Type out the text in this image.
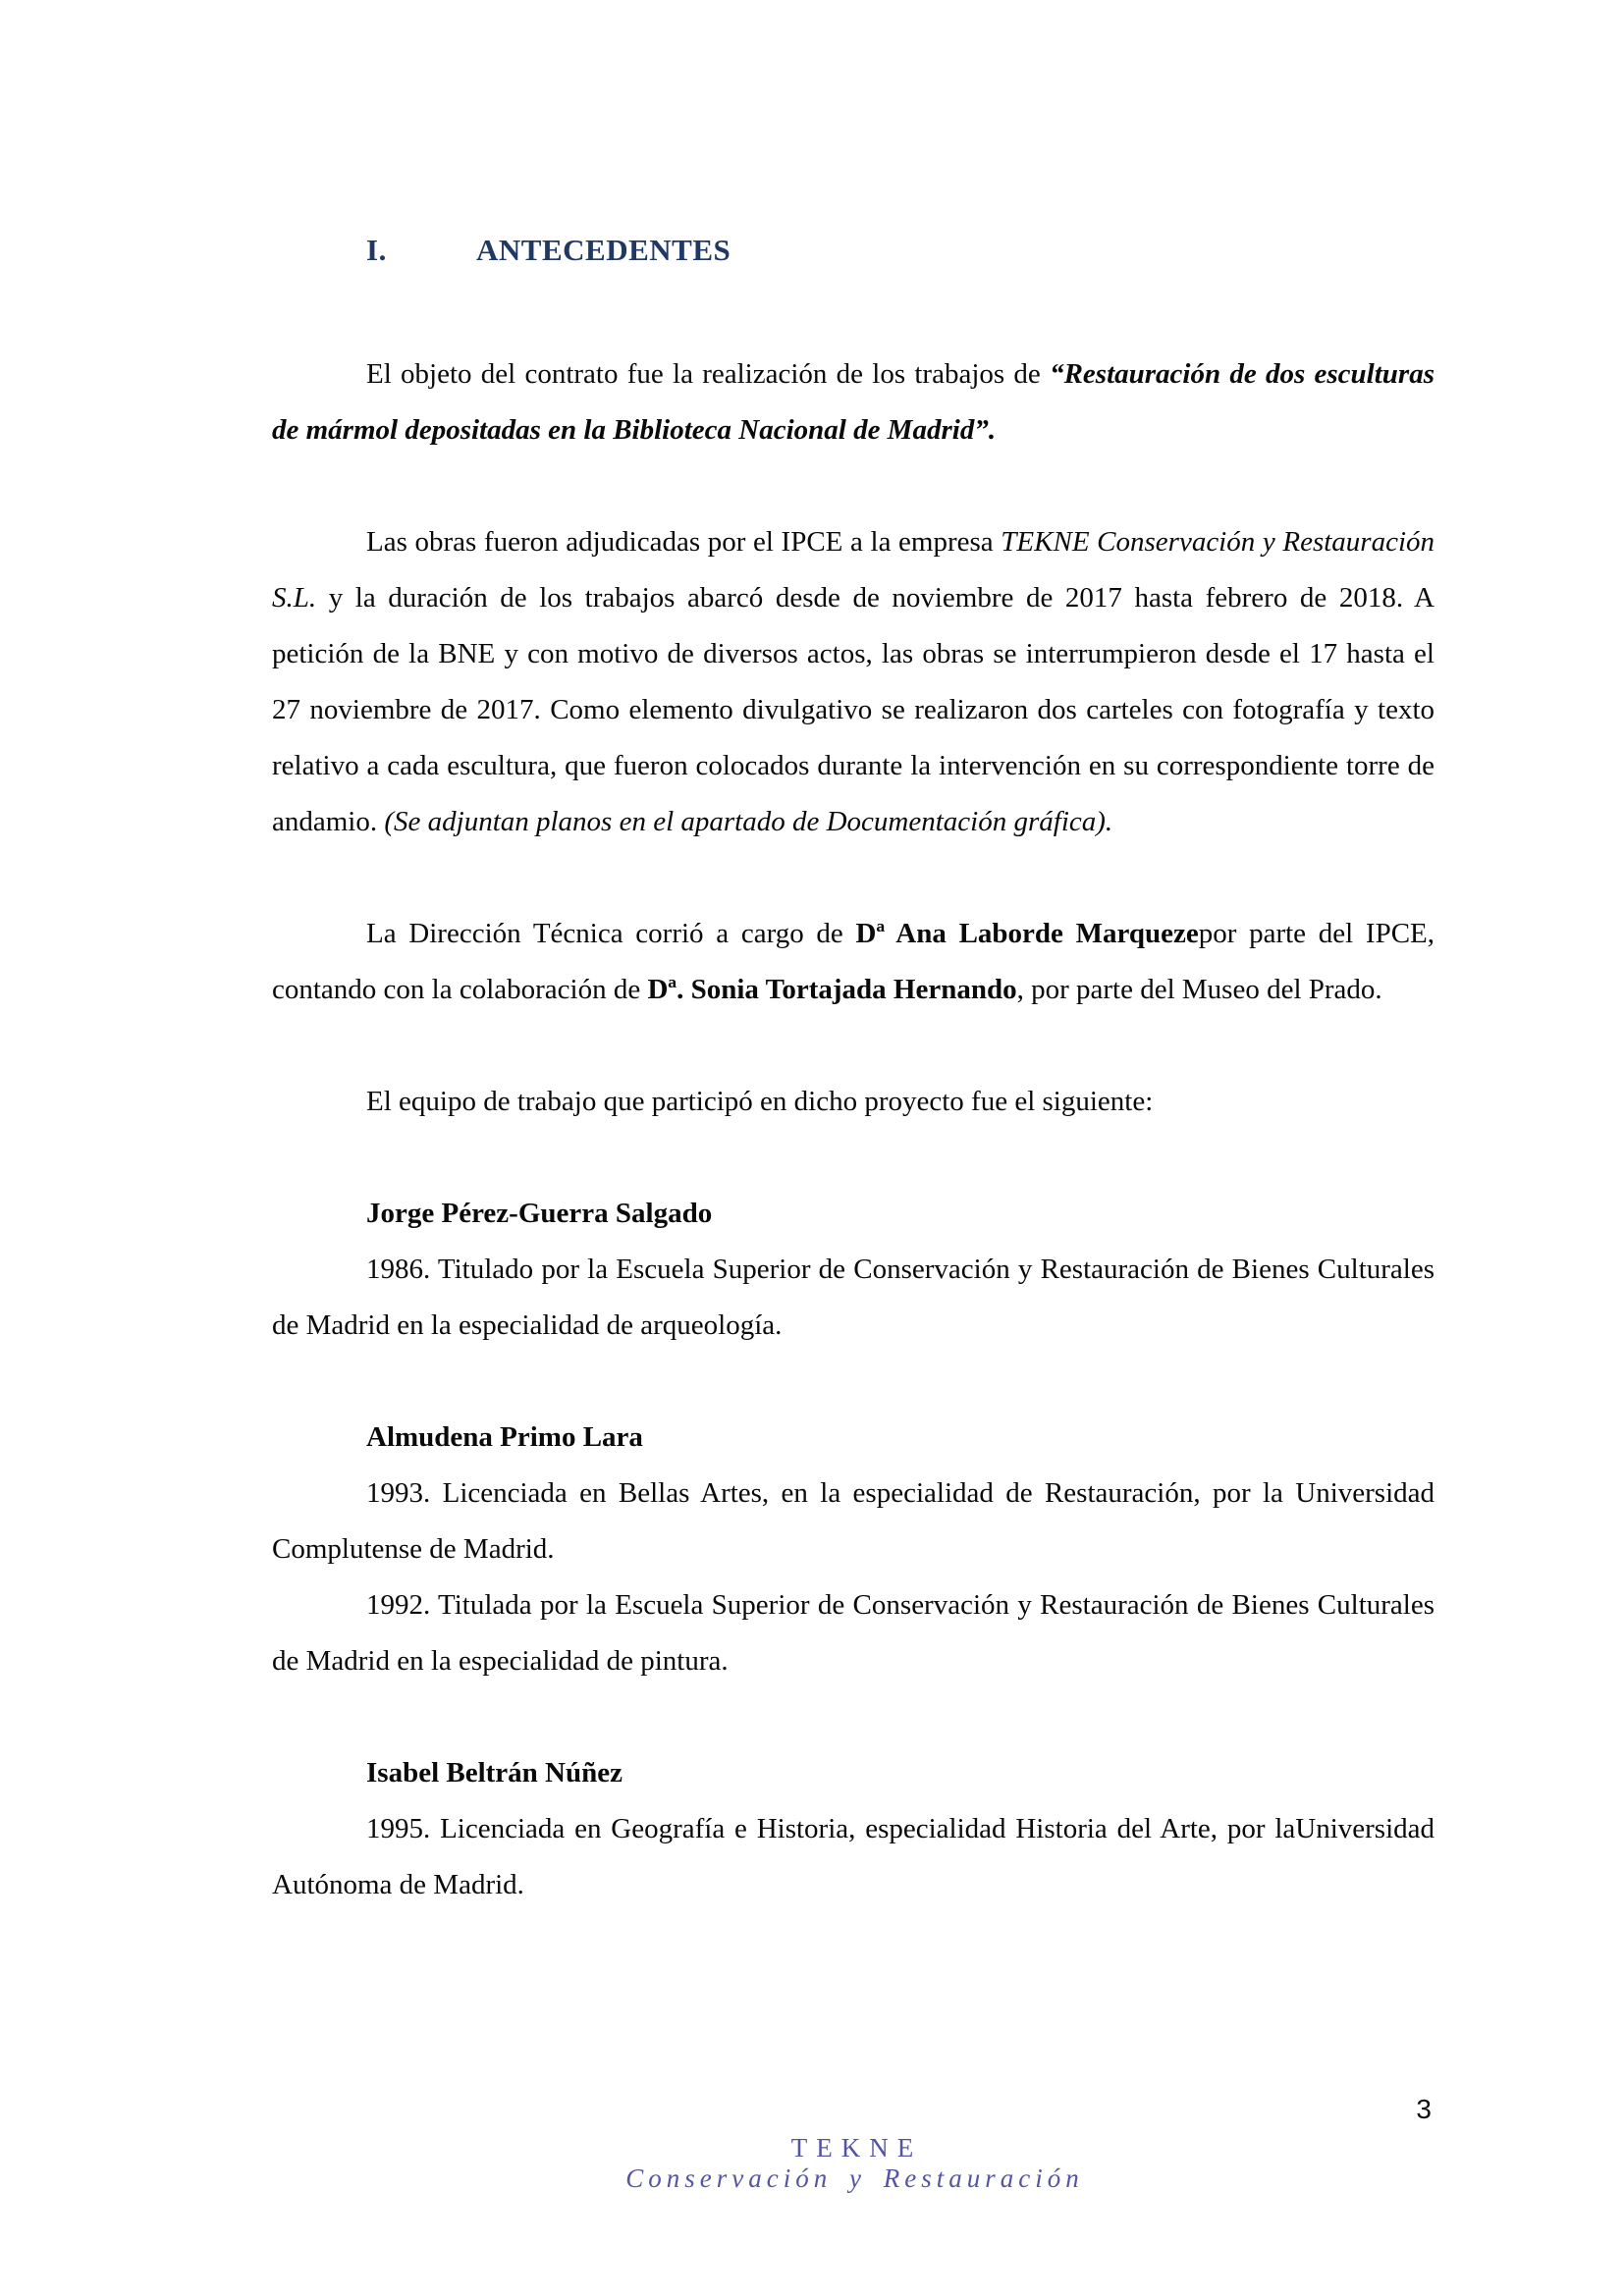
I.	ANTECEDENTES

El objeto del contrato fue la realización de los trabajos de “Restauración de dos esculturas de mármol depositadas en la Biblioteca Nacional de Madrid”.

Las obras fueron adjudicadas por el IPCE a la empresa TEKNE Conservación y Restauración S.L. y la duración de los trabajos abarcó desde de noviembre de 2017 hasta febrero de 2018. A petición de la BNE y con motivo de diversos actos, las obras se interrumpieron desde el 17 hasta el 27 noviembre de 2017. Como elemento divulgativo se realizaron dos carteles con fotografía y texto relativo a cada escultura, que fueron colocados durante la intervención en su correspondiente torre de andamio. (Se adjuntan planos en el apartado de Documentación gráfica).

La Dirección Técnica corrió a cargo de Dª Ana Laborde Marquezepor parte del IPCE, contando con la colaboración de Dª. Sonia Tortajada Hernando, por parte del Museo del Prado.

El equipo de trabajo que participó en dicho proyecto fue el siguiente:

Jorge Pérez-Guerra Salgado

1986. Titulado por la Escuela Superior de Conservación y Restauración de Bienes Culturales de Madrid en la especialidad de arqueología.

Almudena Primo Lara

1993. Licenciada en Bellas Artes, en la especialidad de Restauración, por la Universidad Complutense de Madrid.

1992. Titulada por la Escuela Superior de Conservación y Restauración de Bienes Culturales de Madrid en la especialidad de pintura.

Isabel Beltrán Núñez

1995. Licenciada en Geografía e Historia, especialidad Historia del Arte, por laUniversidad Autónoma de Madrid.

3
TEKNE
Conservación y Restauración
